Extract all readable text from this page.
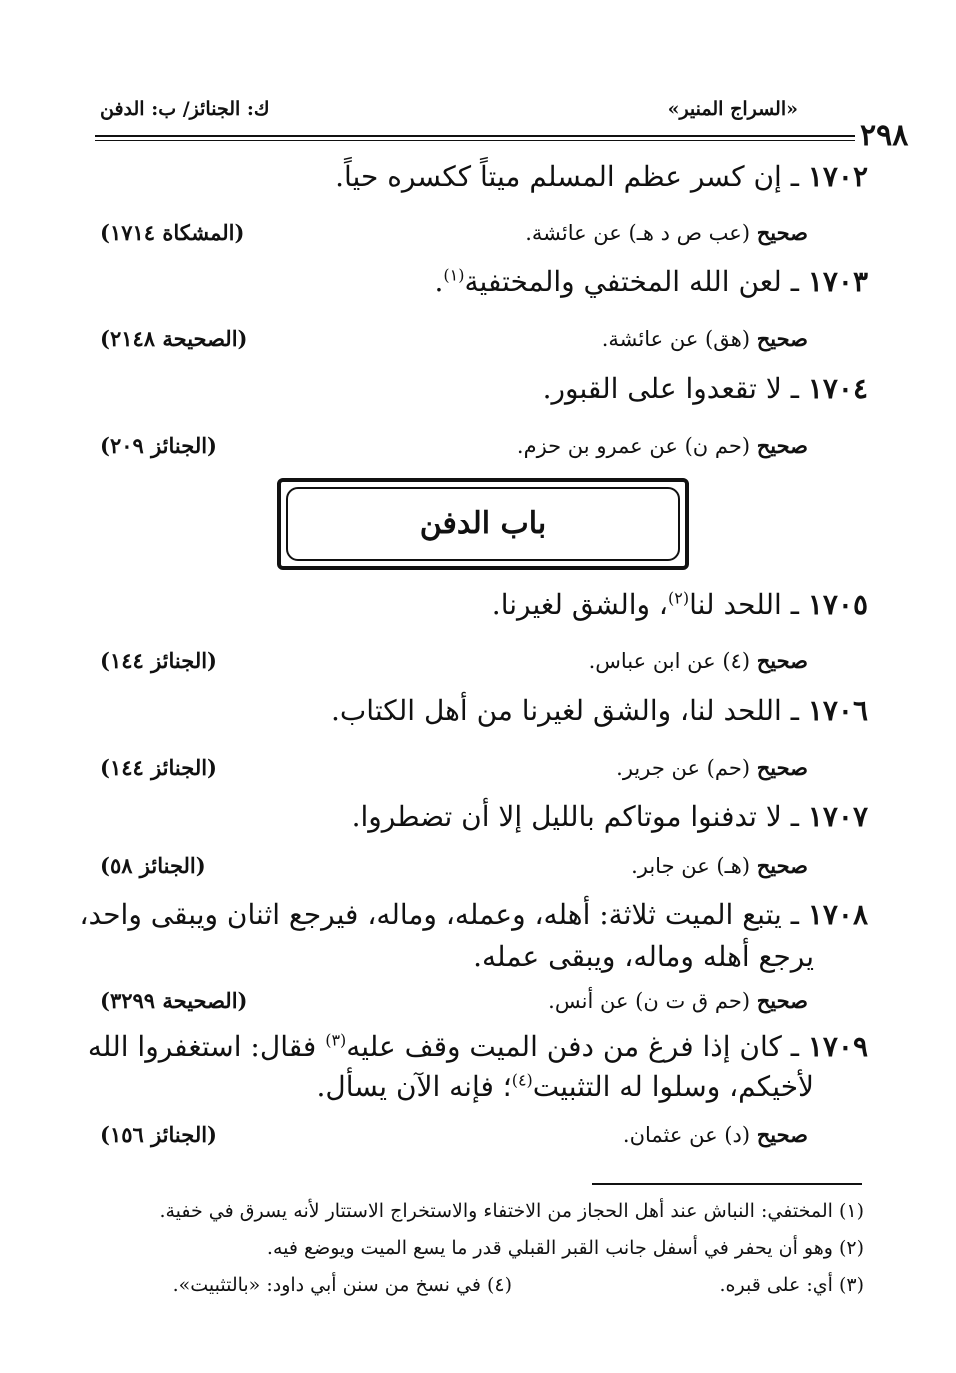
٢٩٨
«السراج المنير»
ك: الجنائز/ ب: الدفن
١٧٠٢ ـ إن كسر عظم المسلم ميتاً ككسره حياً.
صحيح (عب ص د هـ) عن عائشة.
(المشكاة ١٧١٤)
١٧٠٣ ـ لعن الله المختفي والمختفية$^{(١)}$.
صحيح (هق) عن عائشة.
(الصحيحة ٢١٤٨)
١٧٠٤ ـ لا تقعدوا على القبور.
صحيح (حم ن) عن عمرو بن حزم.
(الجنائز ٢٠٩)
باب الدفن
١٧٠٥ ـ اللحد لنا$^{(٢)}$، والشق لغيرنا.
صحيح (٤) عن ابن عباس.
(الجنائز ١٤٤)
١٧٠٦ ـ اللحد لنا، والشق لغيرنا من أهل الكتاب.
صحيح (حم) عن جرير.
(الجنائز ١٤٤)
١٧٠٧ ـ لا تدفنوا موتاكم بالليل إلا أن تضطروا.
صحيح (هـ) عن جابر.
(الجنائز ٥٨)
١٧٠٨ ـ يتبع الميت ثلاثة: أهله، وعمله، وماله، فيرجع اثنان ويبقى واحد،
يرجع أهله وماله، ويبقى عمله.
صحيح (حم ق ت ن) عن أنس.
(الصحيحة ٣٢٩٩)
١٧٠٩ ـ كان إذا فرغ من دفن الميت وقف عليه$^{(٣)}$ فقال: استغفروا الله
لأخيكم، وسلوا له التثبيت$^{(٤)}$؛ فإنه الآن يسأل.
صحيح (د) عن عثمان.
(الجنائز ١٥٦)
(١) المختفي: النباش عند أهل الحجاز من الاختفاء والاستخراج الاستتار لأنه يسرق في خفية.
(٢) وهو أن يحفر في أسفل جانب القبر القبلي قدر ما يسع الميت ويوضع فيه.
(٣) أي: على قبره.
(٤) في نسخ من سنن أبي داود: «بالتثبيت».
